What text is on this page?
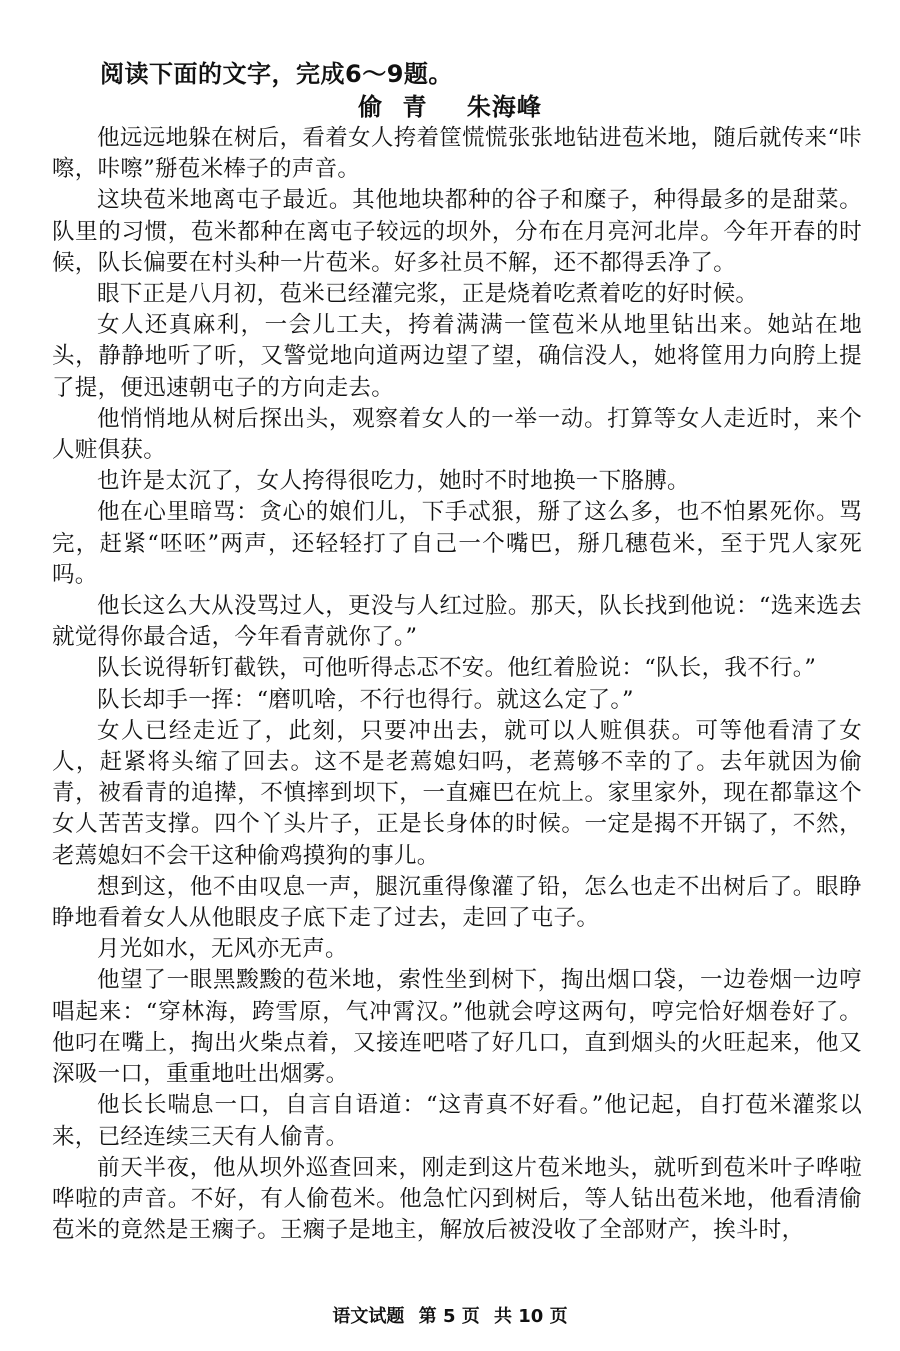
阅读下面的文字，完成6～9题。
偷 青 朱海峰

他远远地躲在树后，看着女人挎着筐慌慌张张地钻进苞米地，随后就传来“咔嚓，咔嚓”掰苞米棒子的声音。

这块苞米地离屯子最近。其他地块都种的谷子和糜子，种得最多的是甜菜。队里的习惯，苞米都种在离屯子较远的坝外，分布在月亮河北岸。今年开春的时候，队长偏要在村头种一片苞米。好多社员不解，还不都得丢净了。

眼下正是八月初，苞米已经灌完浆，正是烧着吃煮着吃的好时候。

女人还真麻利，一会儿工夫，挎着满满一筐苞米从地里钻出来。她站在地头，静静地听了听，又警觉地向道两边望了望，确信没人，她将筐用力向胯上提了提，便迅速朝屯子的方向走去。

他悄悄地从树后探出头，观察着女人的一举一动。打算等女人走近时，来个人赃俱获。

也许是太沉了，女人挎得很吃力，她时不时地换一下胳膊。

他在心里暗骂：贪心的娘们儿，下手忒狠，掰了这么多，也不怕累死你。骂完，赶紧“呸呸”两声，还轻轻打了自己一个嘴巴，掰几穗苞米，至于咒人家死吗。

他长这么大从没骂过人，更没与人红过脸。那天，队长找到他说：“选来选去就觉得你最合适，今年看青就你了。”

队长说得斩钉截铁，可他听得忐忑不安。他红着脸说：“队长，我不行。”

队长却手一挥：“磨叽啥，不行也得行。就这么定了。”

女人已经走近了，此刻，只要冲出去，就可以人赃俱获。可等他看清了女人，赶紧将头缩了回去。这不是老蔫媳妇吗，老蔫够不幸的了。去年就因为偷青，被看青的追撵，不慎摔到坝下，一直瘫巴在炕上。家里家外，现在都靠这个女人苦苦支撑。四个丫头片子，正是长身体的时候。一定是揭不开锅了，不然，老蔫媳妇不会干这种偷鸡摸狗的事儿。

想到这，他不由叹息一声，腿沉重得像灌了铅，怎么也走不出树后了。眼睁睁地看着女人从他眼皮子底下走了过去，走回了屯子。

月光如水，无风亦无声。

他望了一眼黑黢黢的苞米地，索性坐到树下，掏出烟口袋，一边卷烟一边哼唱起来：“穿林海，跨雪原，气冲霄汉。”他就会哼这两句，哼完恰好烟卷好了。他叼在嘴上，掏出火柴点着，又接连吧嗒了好几口，直到烟头的火旺起来，他又深吸一口，重重地吐出烟雾。

他长长喘息一口，自言自语道：“这青真不好看。”他记起，自打苞米灌浆以来，已经连续三天有人偷青。

前天半夜，他从坝外巡查回来，刚走到这片苞米地头，就听到苞米叶子哗啦哗啦的声音。不好，有人偷苞米。他急忙闪到树后，等人钻出苞米地，他看清偷苞米的竟然是王瘸子。王瘸子是地主，解放后被没收了全部财产，挨斗时，

语文试题 第 5 页 共 10 页
